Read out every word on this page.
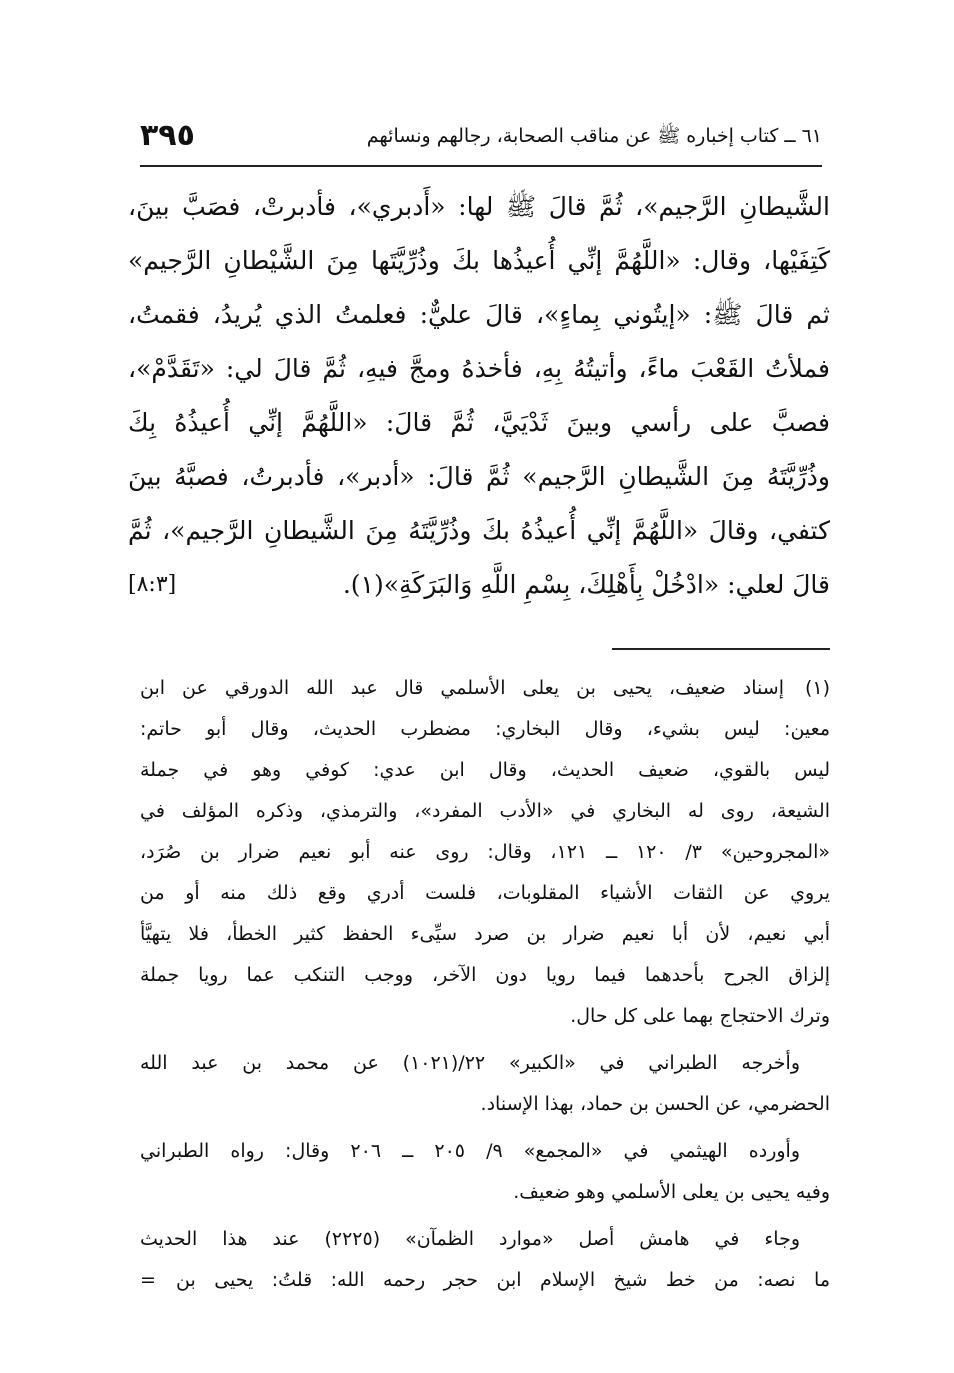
٦١ ــ كتاب إخباره ﷺ عن مناقب الصحابة، رجالهم ونسائهم
٣٩٥
الشَّيطانِ الرَّجيم»، ثُمَّ قالَ ﷺ لها: «أَدبري»، فأدبرتْ، فصَبَّ بينَ،
كَتِفَيْها، وقال: «اللَّهُمَّ إنِّي أُعيذُها بكَ وذُرِّيَّتَها مِنَ الشَّيْطانِ الرَّجيم»
ثم قالَ ﷺ: «إيتُوني بِماءٍ»، قالَ عليٌّ: فعلمتُ الذي يُريدُ، فقمتُ،
فملأتُ القَعْبَ ماءً، وأتيتُهُ بِهِ، فأخذهُ ومجَّ فيهِ، ثُمَّ قالَ لي: «تَقَدَّمْ»،
فصبَّ على رأسي وبينَ ثَدْيَيَّ، ثُمَّ قالَ: «اللَّهُمَّ إنِّي أُعيذُهُ بِكَ
وذُرِّيَّتَهُ مِنَ الشَّيطانِ الرَّجيم» ثُمَّ قالَ: «أدبر»، فأدبرتُ، فصبَّهُ بينَ
كتفي، وقالَ «اللَّهُمَّ إنِّي أُعيذُهُ بكَ وذُرِّيَّتَهُ مِنَ الشَّيطانِ الرَّجيم»، ثُمَّ
قالَ لعلي: «ادْخُلْ بِأَهْلِكَ، بِسْمِ اللَّهِ وَالبَرَكَةِ»(١).
[٨:٣]
(١)
إسناد ضعيف، يحيى بن يعلى الأسلمي قال عبد الله الدورقي عن ابن
معين: ليس بشيء، وقال البخاري: مضطرب الحديث، وقال أبو حاتم:
ليس بالقوي، ضعيف الحديث، وقال ابن عدي: كوفي وهو في جملة
الشيعة، روى له البخاري في «الأدب المفرد»، والترمذي، وذكره المؤلف في
«المجروحين» ٣/ ١٢٠ ــ ١٢١، وقال: روى عنه أبو نعيم ضرار بن صُرَد،
يروي عن الثقات الأشياء المقلوبات، فلست أدري وقع ذلك منه أو من
أبي نعيم، لأن أبا نعيم ضرار بن صرد سيِّىء الحفظ كثير الخطأ، فلا يتهيَّأ
إلزاق الجرح بأحدهما فيما رويا دون الآخر، ووجب التنكب عما رويا جملة
وترك الاحتجاج بهما على كل حال.
وأخرجه الطبراني في «الكبير» ٢٢/(١٠٢١) عن محمد بن عبد الله
الحضرمي، عن الحسن بن حماد، بهذا الإسناد.
وأورده الهيثمي في «المجمع» ٩/ ٢٠٥ ــ ٢٠٦ وقال: رواه الطبراني
وفيه يحيى بن يعلى الأسلمي وهو ضعيف.
وجاء في هامش أصل «موارد الظمآن» (٢٢٢٥) عند هذا الحديث
ما نصه: من خط شيخ الإسلام ابن حجر رحمه الله: قلتُ: يحيى بن
=
